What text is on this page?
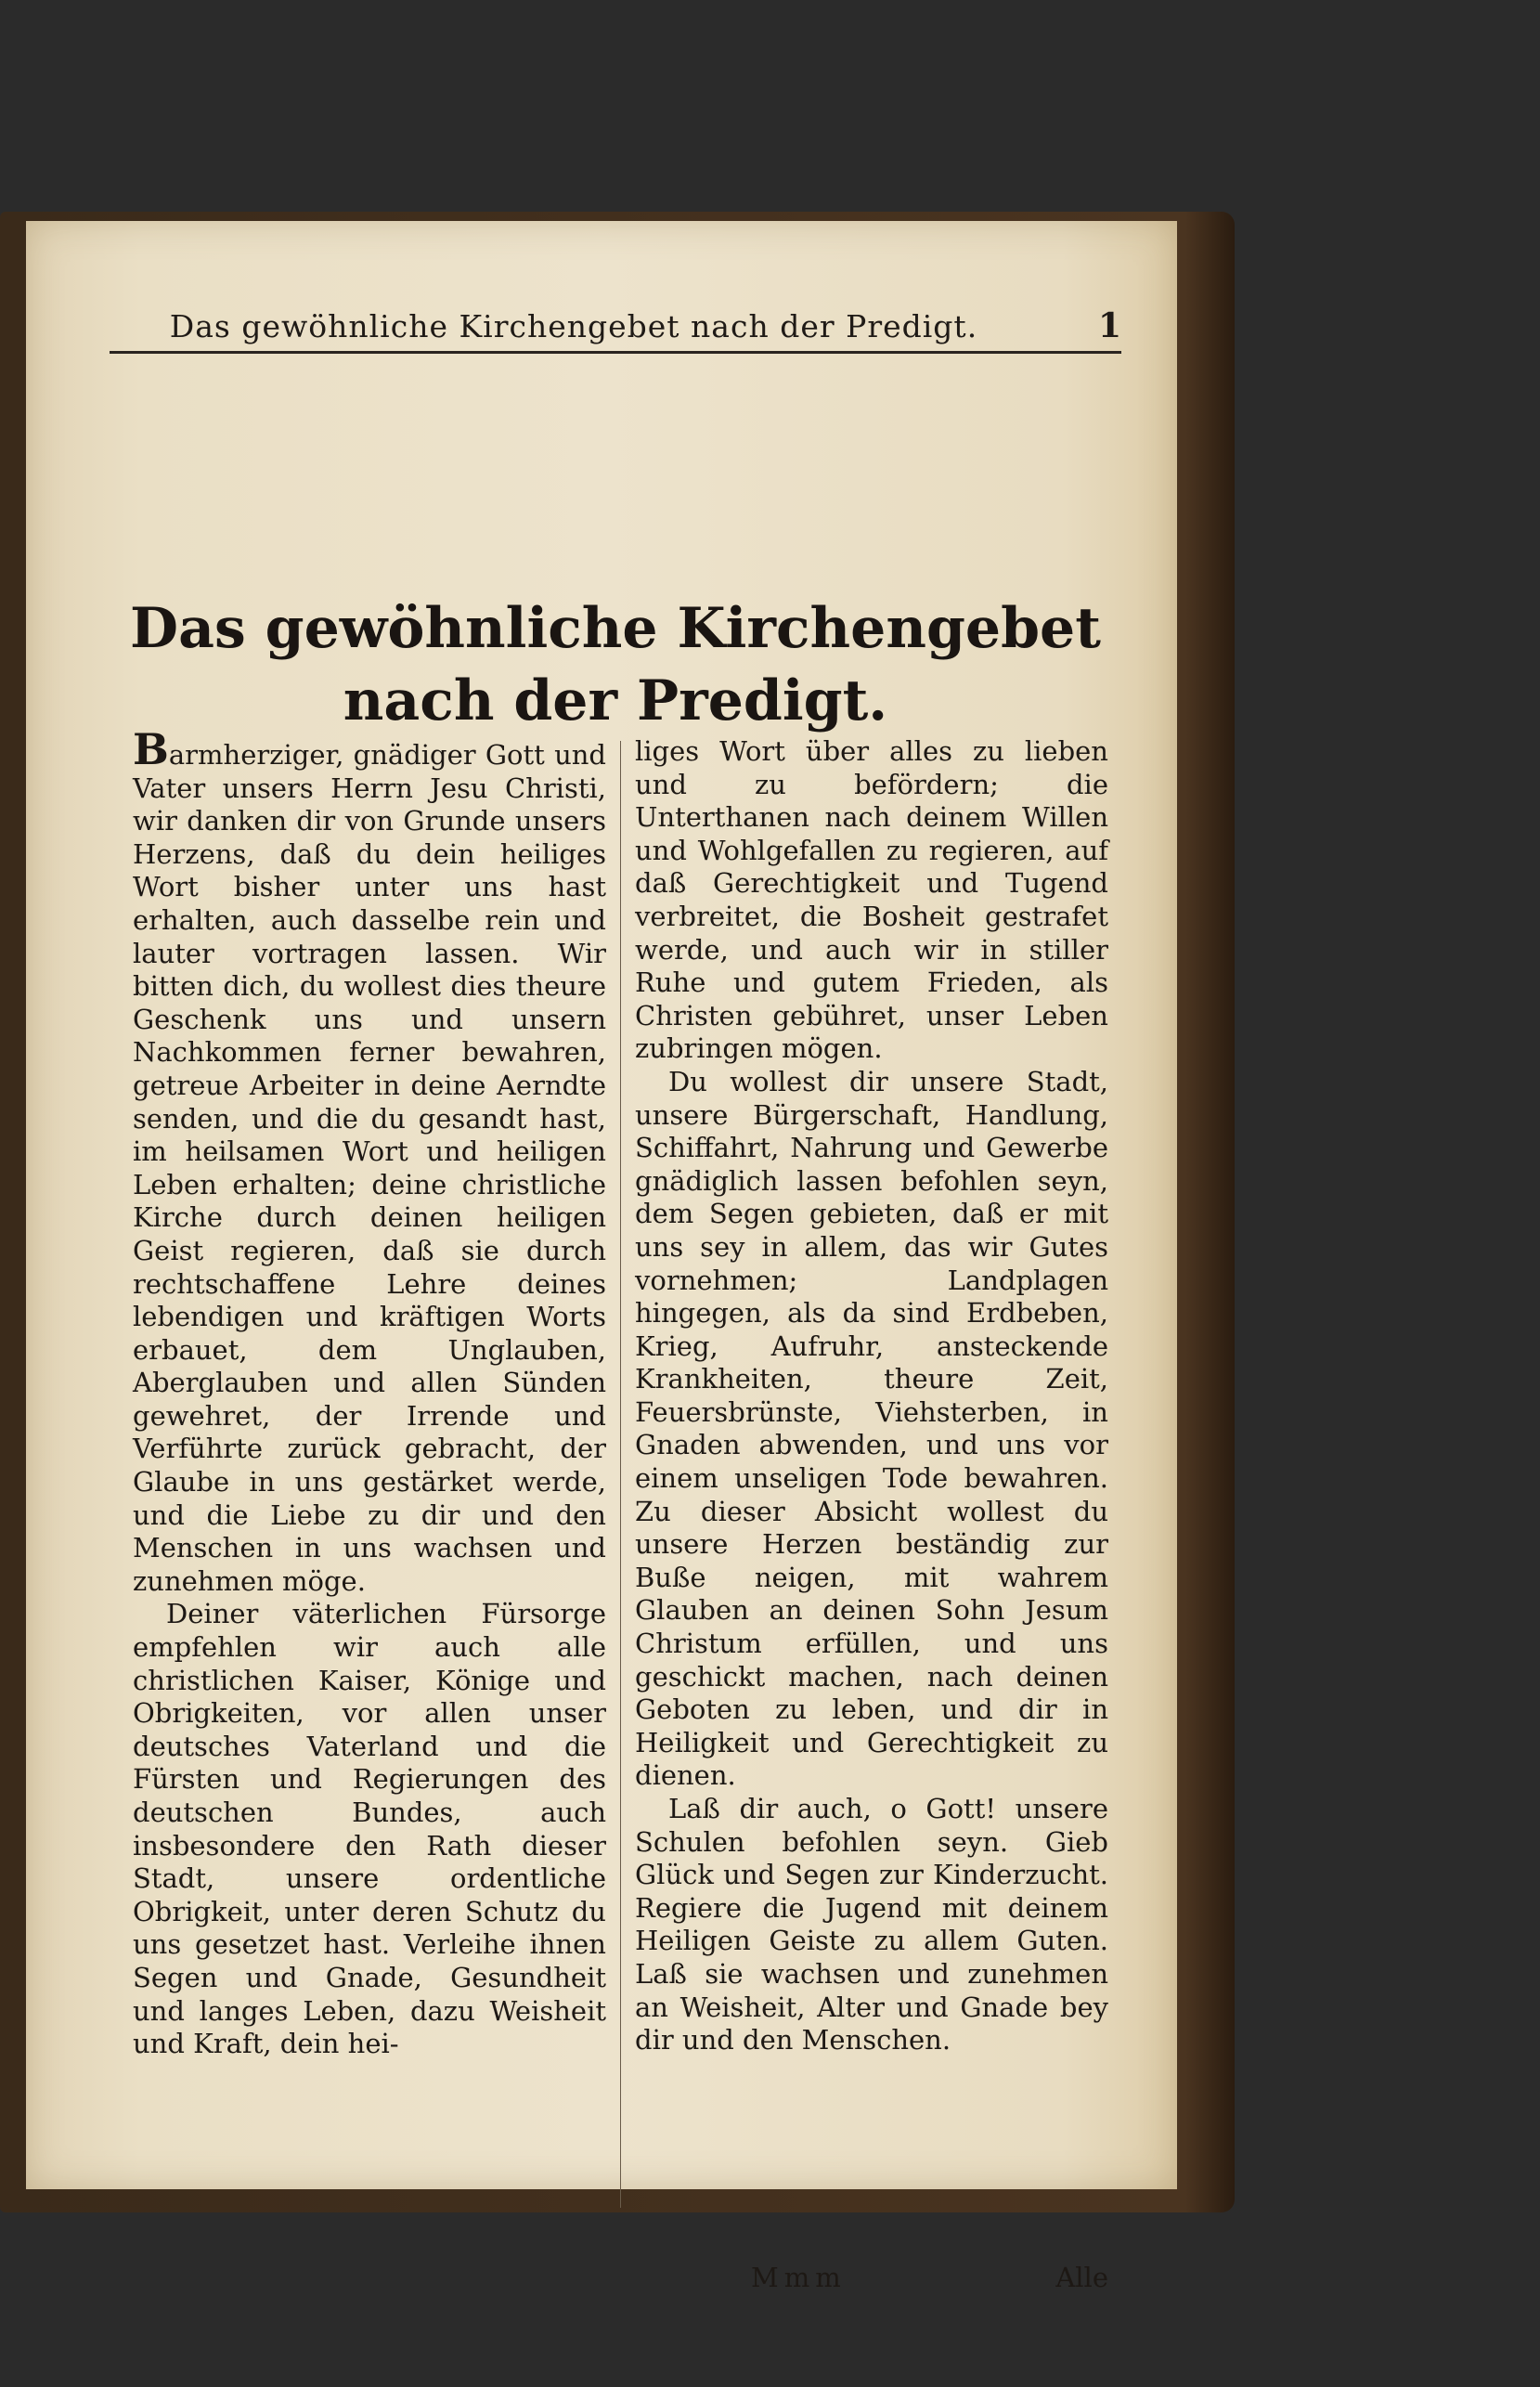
Das gewöhnliche Kirchengebet nach der Predigt.	1
Das gewöhnliche Kirchengebet nach der Predigt.

Barmherziger, gnädiger Gott und Vater unsers Herrn Jesu Christi, wir danken dir von Grunde unsers Herzens, daß du dein heiliges Wort bisher unter uns hast erhalten, auch dasselbe rein und lauter vortragen lassen. Wir bitten dich, du wollest dies theure Geschenk uns und unsern Nachkommen ferner bewahren, getreue Arbeiter in deine Aerndte senden, und die du gesandt hast, im heilsamen Wort und heiligen Leben erhalten; deine christliche Kirche durch deinen heiligen Geist regieren, daß sie durch rechtschaffene Lehre deines lebendigen und kräftigen Worts erbauet, dem Unglauben, Aberglauben und allen Sünden gewehret, der Irrende und Verführte zurück gebracht, der Glaube in uns gestärket werde, und die Liebe zu dir und den Menschen in uns wachsen und zunehmen möge.

Deiner väterlichen Fürsorge empfehlen wir auch alle christlichen Kaiser, Könige und Obrigkeiten, vor allen unser deutsches Vaterland und die Fürsten und Regierungen des deutschen Bundes, auch insbesondere den Rath dieser Stadt, unsere ordentliche Obrigkeit, unter deren Schutz du uns gesetzet hast. Verleihe ihnen Segen und Gnade, Gesundheit und langes Leben, dazu Weisheit und Kraft, dein hei-

liges Wort über alles zu lieben und zu befördern; die Unterthanen nach deinem Willen und Wohlgefallen zu regieren, auf daß Gerechtigkeit und Tugend verbreitet, die Bosheit gestrafet werde, und auch wir in stiller Ruhe und gutem Frieden, als Christen gebühret, unser Leben zubringen mögen.

Du wollest dir unsere Stadt, unsere Bürgerschaft, Handlung, Schiffahrt, Nahrung und Gewerbe gnädiglich lassen befohlen seyn, dem Segen gebieten, daß er mit uns sey in allem, das wir Gutes vornehmen; Landplagen hingegen, als da sind Erdbeben, Krieg, Aufruhr, ansteckende Krankheiten, theure Zeit, Feuersbrünste, Viehsterben, in Gnaden abwenden, und uns vor einem unseligen Tode bewahren. Zu dieser Absicht wollest du unsere Herzen beständig zur Buße neigen, mit wahrem Glauben an deinen Sohn Jesum Christum erfüllen, und uns geschickt machen, nach deinen Geboten zu leben, und dir in Heiligkeit und Gerechtigkeit zu dienen.

Laß dir auch, o Gott! unsere Schulen befohlen seyn. Gieb Glück und Segen zur Kinderzucht. Regiere die Jugend mit deinem Heiligen Geiste zu allem Guten. Laß sie wachsen und zunehmen an Weisheit, Alter und Gnade bey dir und den Menschen.

Mmm	Alle
